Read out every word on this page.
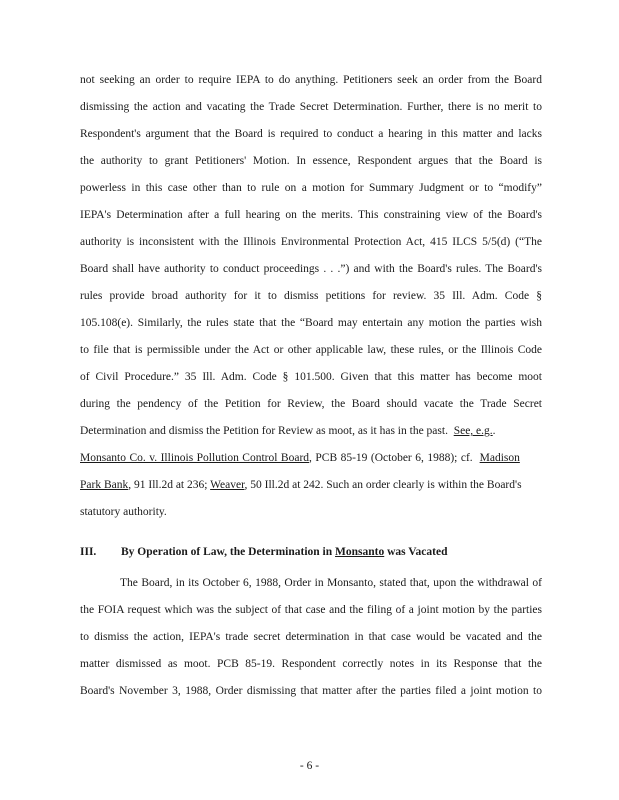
not seeking an order to require IEPA to do anything. Petitioners seek an order from the Board
dismissing the action and vacating the Trade Secret Determination. Further, there is no merit to
Respondent's argument that the Board is required to conduct a hearing in this matter and lacks
the authority to grant Petitioners' Motion. In essence, Respondent argues that the Board is
powerless in this case other than to rule on a motion for Summary Judgment or to “modify”
IEPA's Determination after a full hearing on the merits. This constraining view of the Board's
authority is inconsistent with the Illinois Environmental Protection Act, 415 ILCS 5/5(d) (“The
Board shall have authority to conduct proceedings . . .”) and with the Board's rules. The Board's
rules provide broad authority for it to dismiss petitions for review. 35 Ill. Adm. Code §
105.108(e). Similarly, the rules state that the “Board may entertain any motion the parties wish
to file that is permissible under the Act or other applicable law, these rules, or the Illinois Code
of Civil Procedure.” 35 Ill. Adm. Code § 101.500. Given that this matter has become moot
during the pendency of the Petition for Review, the Board should vacate the Trade Secret
Determination and dismiss the Petition for Review as moot, as it has in the past. See, e.g..
Monsanto Co. v. Illinois Pollution Control Board, PCB 85-19 (October 6, 1988); cf. Madison
Park Bank, 91 Ill.2d at 236; Weaver, 50 Ill.2d at 242. Such an order clearly is within the Board's
statutory authority.
III. By Operation of Law, the Determination in Monsanto was Vacated
The Board, in its October 6, 1988, Order in Monsanto, stated that, upon the withdrawal of
the FOIA request which was the subject of that case and the filing of a joint motion by the parties
to dismiss the action, IEPA's trade secret determination in that case would be vacated and the
matter dismissed as moot. PCB 85-19. Respondent correctly notes in its Response that the
Board's November 3, 1988, Order dismissing that matter after the parties filed a joint motion to
- 6 -
